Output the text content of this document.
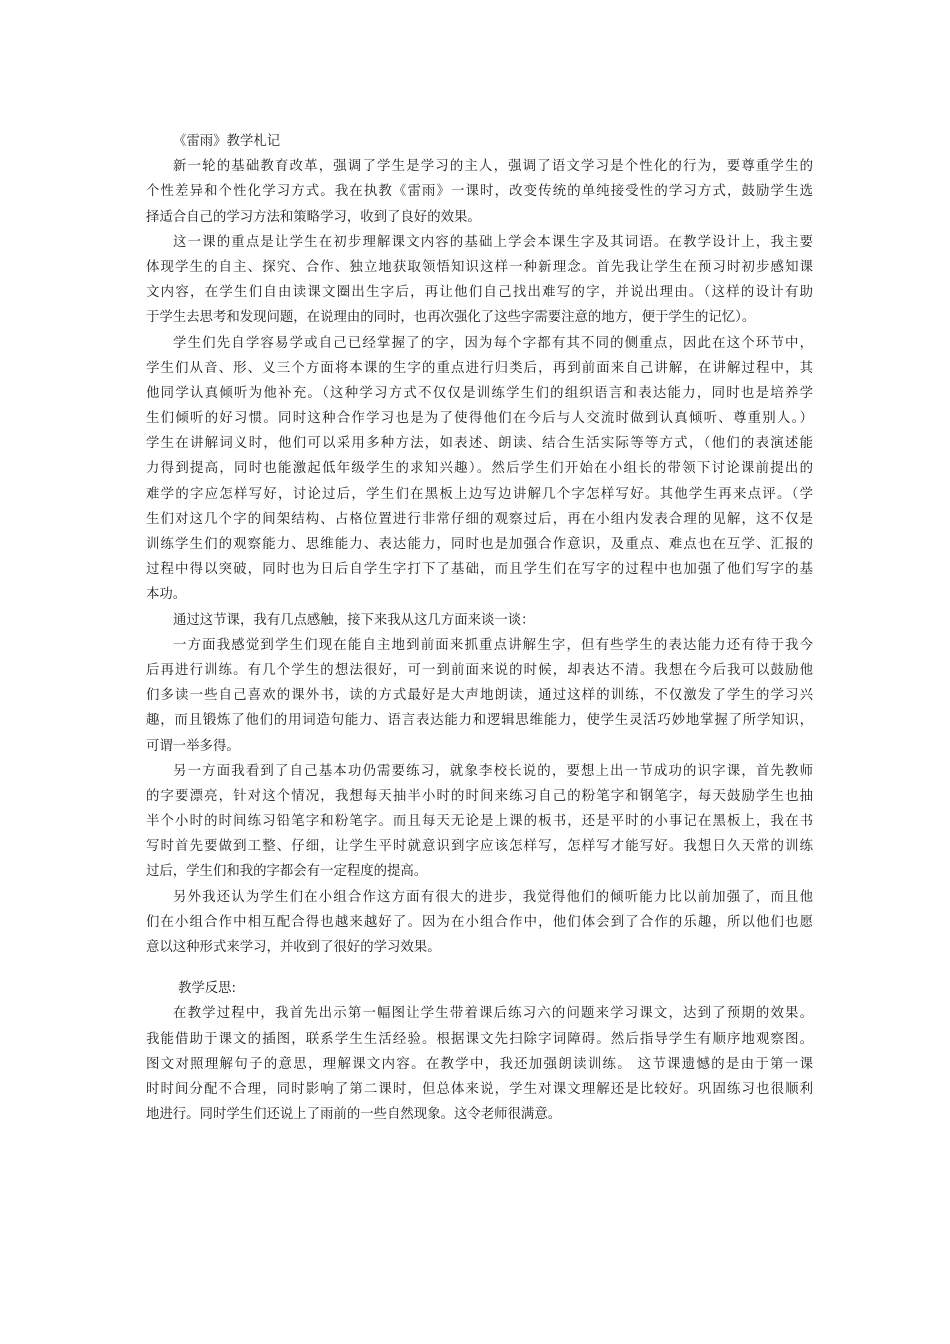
《雷雨》教学札记
新一轮的基础教育改革，强调了学生是学习的主人，强调了语文学习是个性化的行为，要尊重学生的
个性差异和个性化学习方式。我在执教《雷雨》一课时，改变传统的单纯接受性的学习方式，鼓励学生选
择适合自己的学习方法和策略学习，收到了良好的效果。
这一课的重点是让学生在初步理解课文内容的基础上学会本课生字及其词语。在教学设计上，我主要
体现学生的自主、探究、合作、独立地获取领悟知识这样一种新理念。首先我让学生在预习时初步感知课
文内容，在学生们自由读课文圈出生字后，再让他们自己找出难写的字，并说出理由。（这样的设计有助
于学生去思考和发现问题，在说理由的同时，也再次强化了这些字需要注意的地方，便于学生的记忆）。
学生们先自学容易学或自己已经掌握了的字，因为每个字都有其不同的侧重点，因此在这个环节中，
学生们从音、形、义三个方面将本课的生字的重点进行归类后，再到前面来自己讲解，在讲解过程中，其
他同学认真倾听为他补充。（这种学习方式不仅仅是训练学生们的组织语言和表达能力，同时也是培养学
生们倾听的好习惯。同时这种合作学习也是为了使得他们在今后与人交流时做到认真倾听、尊重别人。）
学生在讲解词义时，他们可以采用多种方法，如表述、朗读、结合生活实际等等方式，（他们的表演述能
力得到提高，同时也能激起低年级学生的求知兴趣）。然后学生们开始在小组长的带领下讨论课前提出的
难学的字应怎样写好，讨论过后，学生们在黑板上边写边讲解几个字怎样写好。其他学生再来点评。（学
生们对这几个字的间架结构、占格位置进行非常仔细的观察过后，再在小组内发表合理的见解，这不仅是
训练学生们的观察能力、思维能力、表达能力，同时也是加强合作意识，及重点、难点也在互学、汇报的
过程中得以突破，同时也为日后自学生字打下了基础，而且学生们在写字的过程中也加强了他们写字的基
本功。
通过这节课，我有几点感触，接下来我从这几方面来谈一谈：
一方面我感觉到学生们现在能自主地到前面来抓重点讲解生字，但有些学生的表达能力还有待于我今
后再进行训练。有几个学生的想法很好，可一到前面来说的时候，却表达不清。我想在今后我可以鼓励他
们多读一些自己喜欢的课外书，读的方式最好是大声地朗读，通过这样的训练，不仅激发了学生的学习兴
趣，而且锻炼了他们的用词造句能力、语言表达能力和逻辑思维能力，使学生灵活巧妙地掌握了所学知识，
可谓一举多得。
另一方面我看到了自己基本功仍需要练习，就象李校长说的，要想上出一节成功的识字课，首先教师
的字要漂亮，针对这个情况，我想每天抽半小时的时间来练习自己的粉笔字和钢笔字，每天鼓励学生也抽
半个小时的时间练习铅笔字和粉笔字。而且每天无论是上课的板书，还是平时的小事记在黑板上，我在书
写时首先要做到工整、仔细，让学生平时就意识到字应该怎样写，怎样写才能写好。我想日久天常的训练
过后，学生们和我的字都会有一定程度的提高。
另外我还认为学生们在小组合作这方面有很大的进步，我觉得他们的倾听能力比以前加强了，而且他
们在小组合作中相互配合得也越来越好了。因为在小组合作中，他们体会到了合作的乐趣，所以他们也愿
意以这种形式来学习，并收到了很好的学习效果。
教学反思:
在教学过程中，我首先出示第一幅图让学生带着课后练习六的问题来学习课文，达到了预期的效果。
我能借助于课文的插图，联系学生生活经验。根据课文先扫除字词障碍。然后指导学生有顺序地观察图。
图文对照理解句子的意思，理解课文内容。在教学中，我还加强朗读训练。 这节课遗憾的是由于第一课
时时间分配不合理，同时影响了第二课时，但总体来说，学生对课文理解还是比较好。巩固练习也很顺利
地进行。同时学生们还说上了雨前的一些自然现象。这令老师很满意。
